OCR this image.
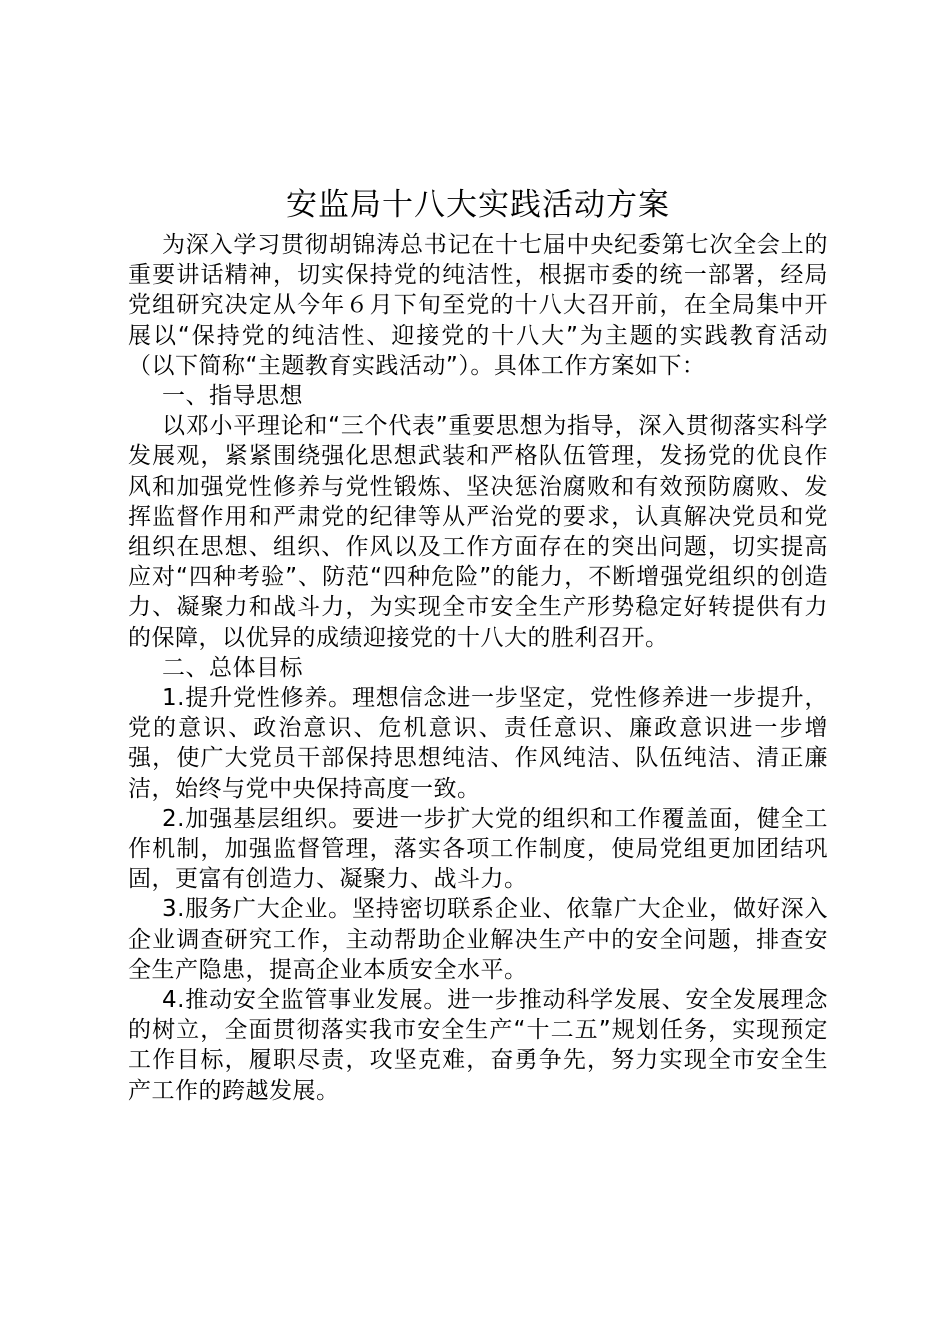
安监局十八大实践活动方案

为深入学习贯彻胡锦涛总书记在十七届中央纪委第七次全会上的重要讲话精神，切实保持党的纯洁性，根据市委的统一部署，经局党组研究决定从今年６月下旬至党的十八大召开前，在全局集中开展以“保持党的纯洁性、迎接党的十八大”为主题的实践教育活动（以下简称“主题教育实践活动”）。具体工作方案如下：

一、指导思想

以邓小平理论和“三个代表”重要思想为指导，深入贯彻落实科学发展观，紧紧围绕强化思想武装和严格队伍管理，发扬党的优良作风和加强党性修养与党性锻炼、坚决惩治腐败和有效预防腐败、发挥监督作用和严肃党的纪律等从严治党的要求，认真解决党员和党组织在思想、组织、作风以及工作方面存在的突出问题，切实提高应对“四种考验”、防范“四种危险”的能力，不断增强党组织的创造力、凝聚力和战斗力，为实现全市安全生产形势稳定好转提供有力的保障，以优异的成绩迎接党的十八大的胜利召开。

二、总体目标

1.提升党性修养。理想信念进一步坚定，党性修养进一步提升，党的意识、政治意识、危机意识、责任意识、廉政意识进一步增强，使广大党员干部保持思想纯洁、作风纯洁、队伍纯洁、清正廉洁，始终与党中央保持高度一致。

2.加强基层组织。要进一步扩大党的组织和工作覆盖面，健全工作机制，加强监督管理，落实各项工作制度，使局党组更加团结巩固，更富有创造力、凝聚力、战斗力。

3.服务广大企业。坚持密切联系企业、依靠广大企业，做好深入企业调查研究工作，主动帮助企业解决生产中的安全问题，排查安全生产隐患，提高企业本质安全水平。

4.推动安全监管事业发展。进一步推动科学发展、安全发展理念的树立，全面贯彻落实我市安全生产“十二五”规划任务，实现预定工作目标，履职尽责，攻坚克难，奋勇争先，努力实现全市安全生产工作的跨越发展。
